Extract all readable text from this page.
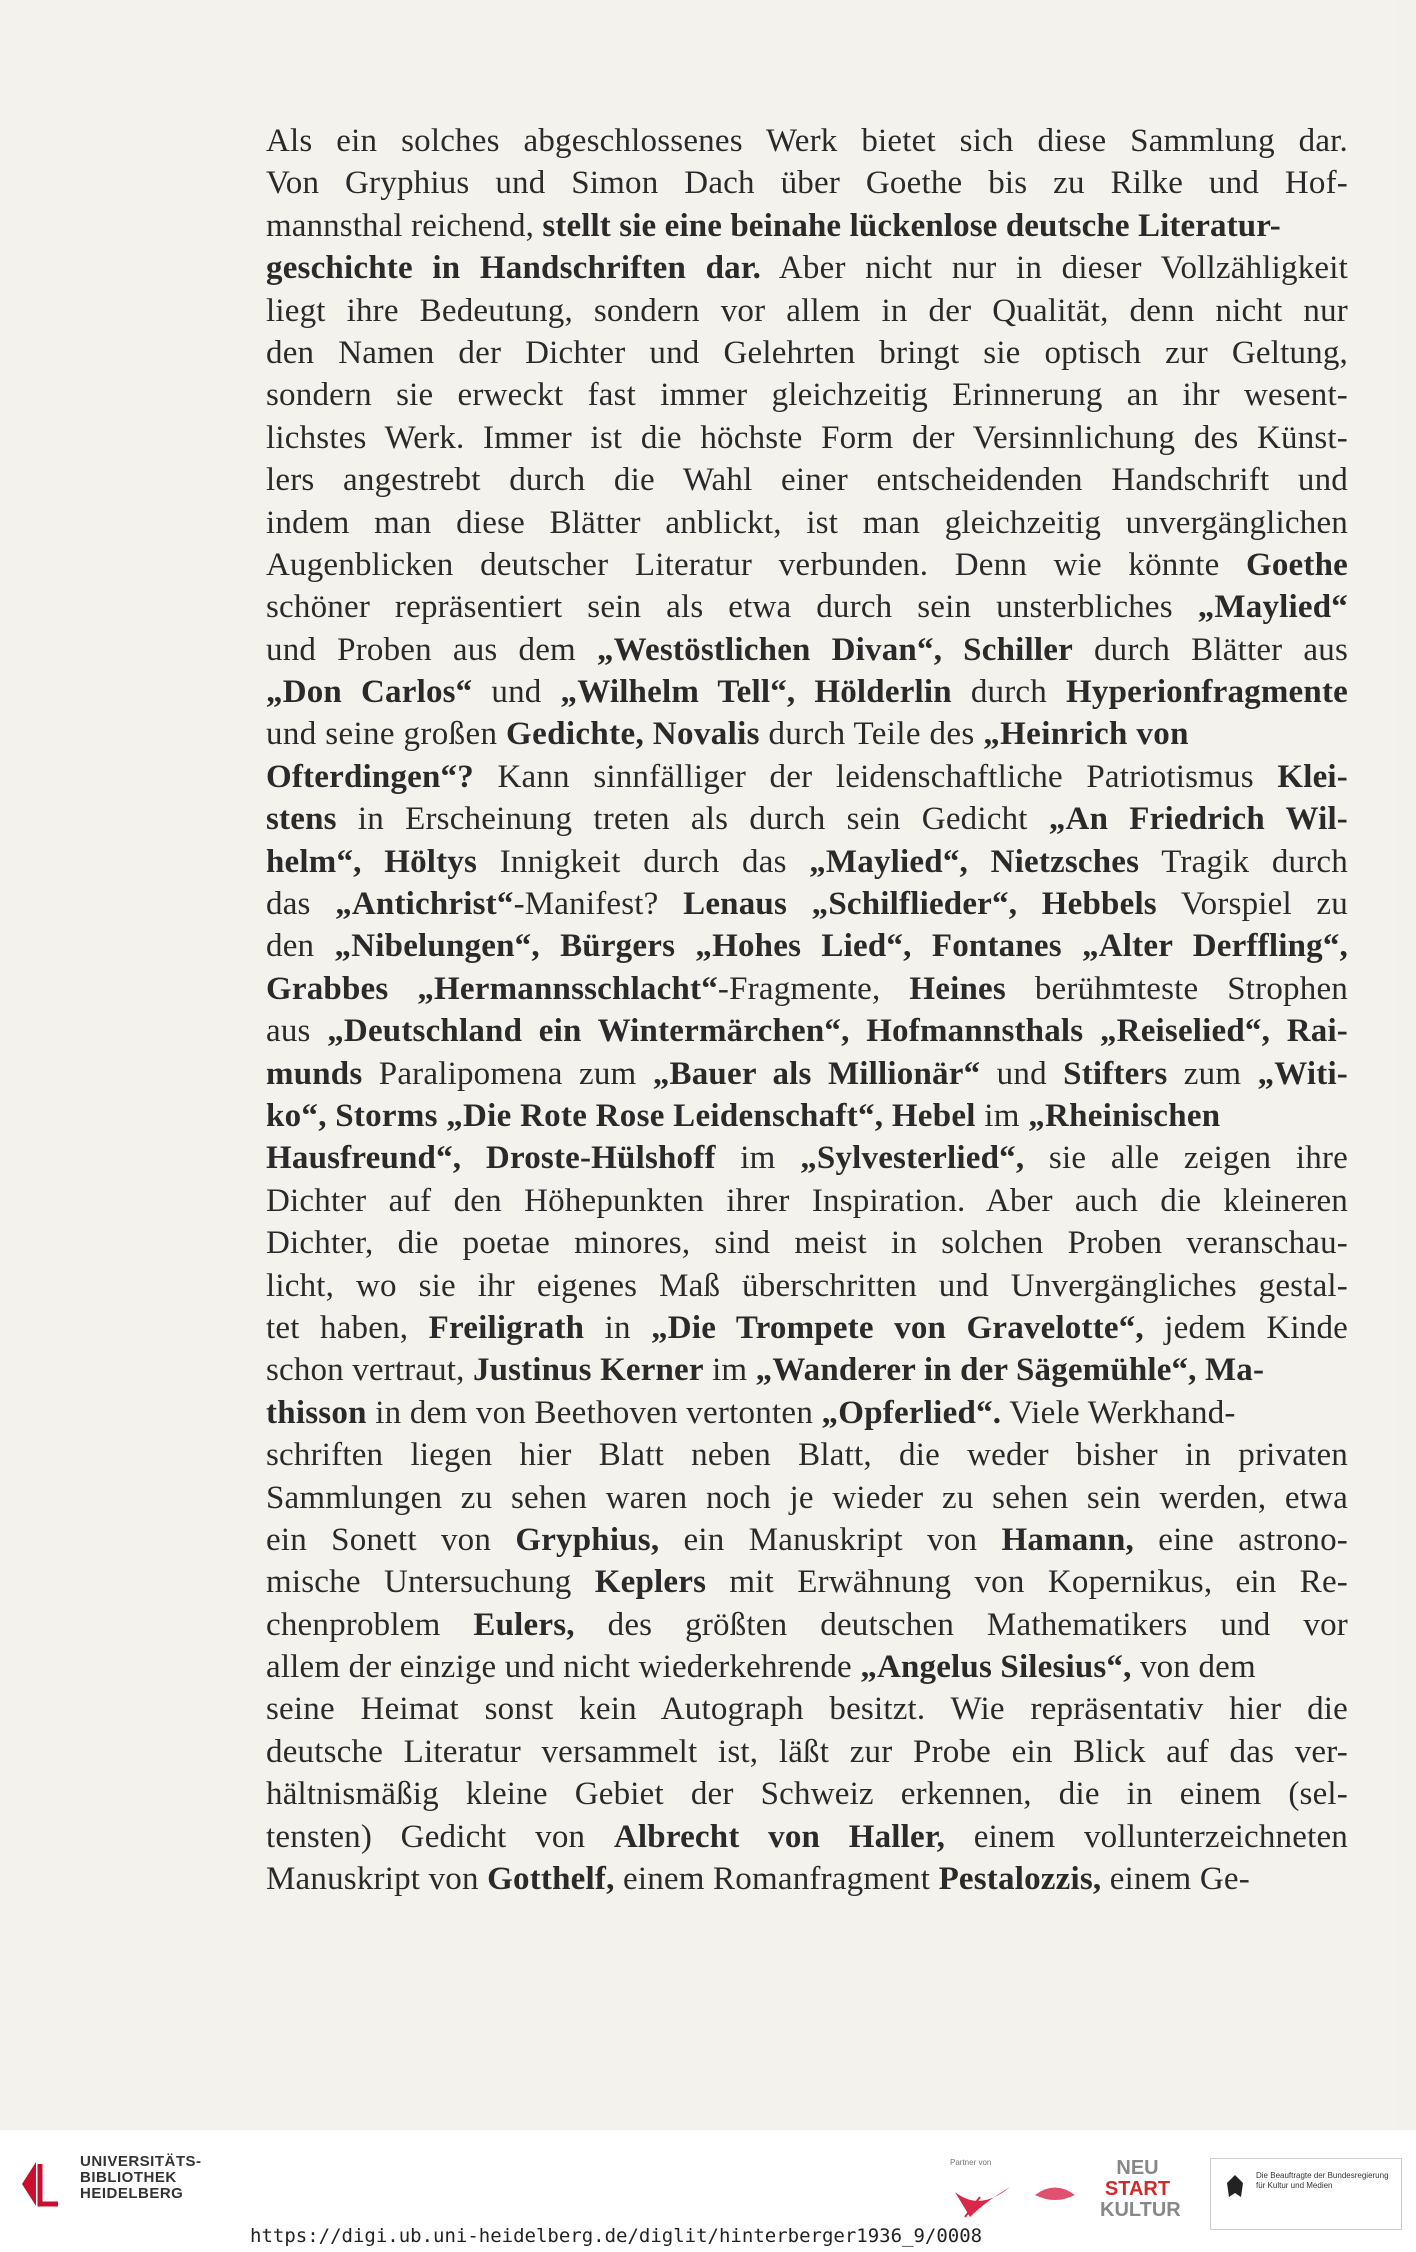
Als ein solches abgeschlossenes Werk bietet sich diese Sammlung dar.
Von Gryphius und Simon Dach über Goethe bis zu Rilke und Hof-
mannsthal reichend, stellt sie eine beinahe lückenlose deutsche Literatur-
geschichte in Handschriften dar. Aber nicht nur in dieser Vollzähligkeit
liegt ihre Bedeutung, sondern vor allem in der Qualität, denn nicht nur
den Namen der Dichter und Gelehrten bringt sie optisch zur Geltung,
sondern sie erweckt fast immer gleichzeitig Erinnerung an ihr wesent-
lichstes Werk. Immer ist die höchste Form der Versinnlichung des Künst-
lers angestrebt durch die Wahl einer entscheidenden Handschrift und
indem man diese Blätter anblickt, ist man gleichzeitig unvergänglichen
Augenblicken deutscher Literatur verbunden. Denn wie könnte Goethe
schöner repräsentiert sein als etwa durch sein unsterbliches „Maylied“
und Proben aus dem „Westöstlichen Divan“, Schiller durch Blätter aus
„Don Carlos“ und „Wilhelm Tell“, Hölderlin durch Hyperionfragmente
und seine großen Gedichte, Novalis durch Teile des „Heinrich von
Ofterdingen“? Kann sinnfälliger der leidenschaftliche Patriotismus Klei-
stens in Erscheinung treten als durch sein Gedicht „An Friedrich Wil-
helm“, Höltys Innigkeit durch das „Maylied“, Nietzsches Tragik durch
das „Antichrist“-Manifest? Lenaus „Schilflieder“, Hebbels Vorspiel zu
den „Nibelungen“, Bürgers „Hohes Lied“, Fontanes „Alter Derffling“,
Grabbes „Hermannsschlacht“-Fragmente, Heines berühmteste Strophen
aus „Deutschland ein Wintermärchen“, Hofmannsthals „Reiselied“, Rai-
munds Paralipomena zum „Bauer als Millionär“ und Stifters zum „Witi-
ko“, Storms „Die Rote Rose Leidenschaft“, Hebel im „Rheinischen
Hausfreund“, Droste-Hülshoff im „Sylvesterlied“, sie alle zeigen ihre
Dichter auf den Höhepunkten ihrer Inspiration. Aber auch die kleineren
Dichter, die poetae minores, sind meist in solchen Proben veranschau-
licht, wo sie ihr eigenes Maß überschritten und Unvergängliches gestal-
tet haben, Freiligrath in „Die Trompete von Gravelotte“, jedem Kinde
schon vertraut, Justinus Kerner im „Wanderer in der Sägemühle“, Ma-
thisson in dem von Beethoven vertonten „Opferlied“. Viele Werkhand-
schriften liegen hier Blatt neben Blatt, die weder bisher in privaten
Sammlungen zu sehen waren noch je wieder zu sehen sein werden, etwa
ein Sonett von Gryphius, ein Manuskript von Hamann, eine astrono-
mische Untersuchung Keplers mit Erwähnung von Kopernikus, ein Re-
chenproblem Eulers, des größten deutschen Mathematikers und vor
allem der einzige und nicht wiederkehrende „Angelus Silesius“, von dem
seine Heimat sonst kein Autograph besitzt. Wie repräsentativ hier die
deutsche Literatur versammelt ist, läßt zur Probe ein Blick auf das ver-
hältnismäßig kleine Gebiet der Schweiz erkennen, die in einem (sel-
tensten) Gedicht von Albrecht von Haller, einem vollunterzeichneten
Manuskript von Gotthelf, einem Romanfragment Pestalozzis, einem Ge-
UNIVERSITÄTS-
BIBLIOTHEK
HEIDELBERG
https://digi.ub.uni-heidelberg.de/diglit/hinterberger1936_9/0008
Partner von	NEU
START
KULTUR
Die Beauftragte der Bundesregierung
für Kultur und Medien
